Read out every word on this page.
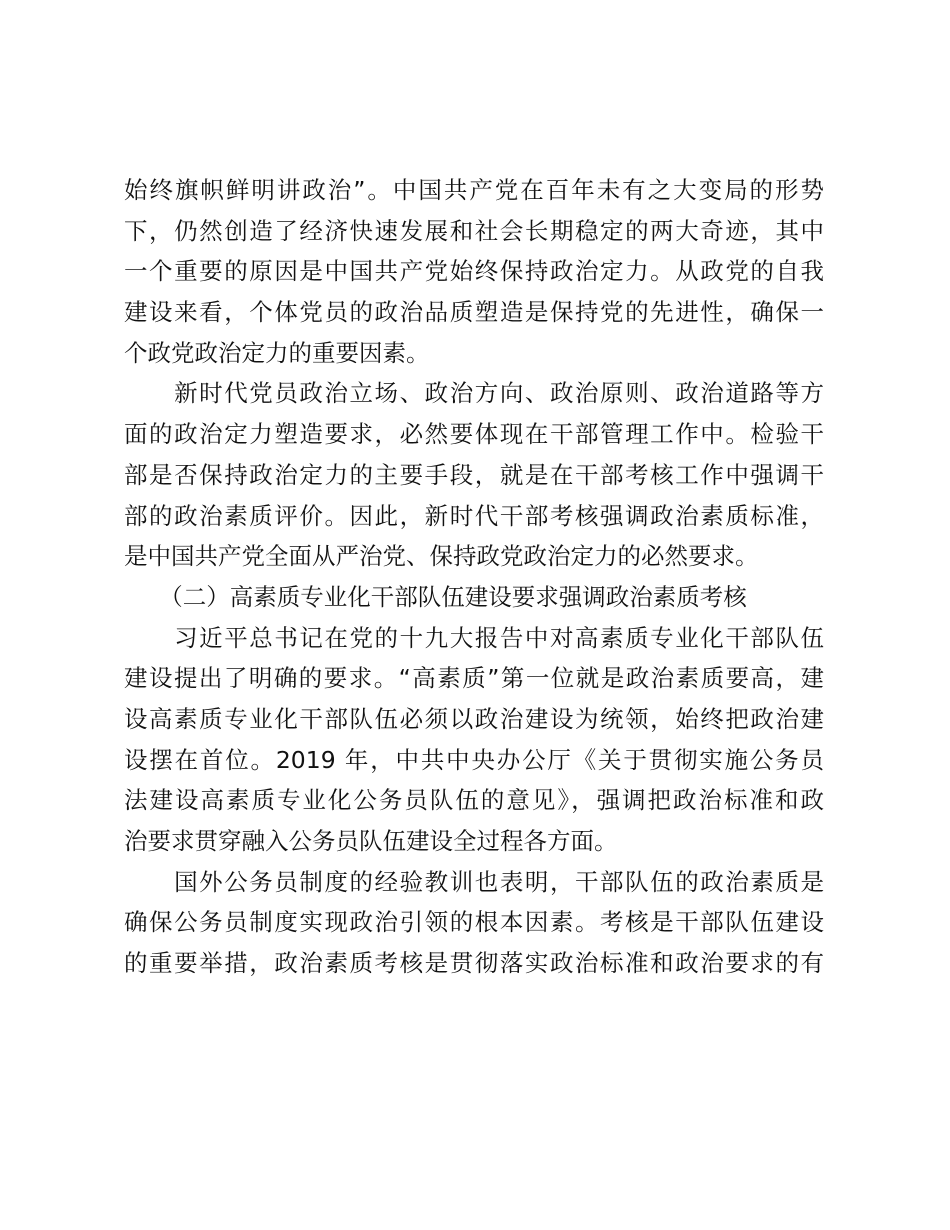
始终旗帜鲜明讲政治”。中国共产党在百年未有之大变局的形势
下，仍然创造了经济快速发展和社会长期稳定的两大奇迹，其中
一个重要的原因是中国共产党始终保持政治定力。从政党的自我
建设来看，个体党员的政治品质塑造是保持党的先进性，确保一
个政党政治定力的重要因素。
　　新时代党员政治立场、政治方向、政治原则、政治道路等方
面的政治定力塑造要求，必然要体现在干部管理工作中。检验干
部是否保持政治定力的主要手段，就是在干部考核工作中强调干
部的政治素质评价。因此，新时代干部考核强调政治素质标准，
是中国共产党全面从严治党、保持政党政治定力的必然要求。
　　（二）高素质专业化干部队伍建设要求强调政治素质考核
　　习近平总书记在党的十九大报告中对高素质专业化干部队伍
建设提出了明确的要求。“高素质”第一位就是政治素质要高，建
设高素质专业化干部队伍必须以政治建设为统领，始终把政治建
设摆在首位。2019 年，中共中央办公厅《关于贯彻实施公务员
法建设高素质专业化公务员队伍的意见》，强调把政治标准和政
治要求贯穿融入公务员队伍建设全过程各方面。
　　国外公务员制度的经验教训也表明，干部队伍的政治素质是
确保公务员制度实现政治引领的根本因素。考核是干部队伍建设
的重要举措，政治素质考核是贯彻落实政治标准和政治要求的有
